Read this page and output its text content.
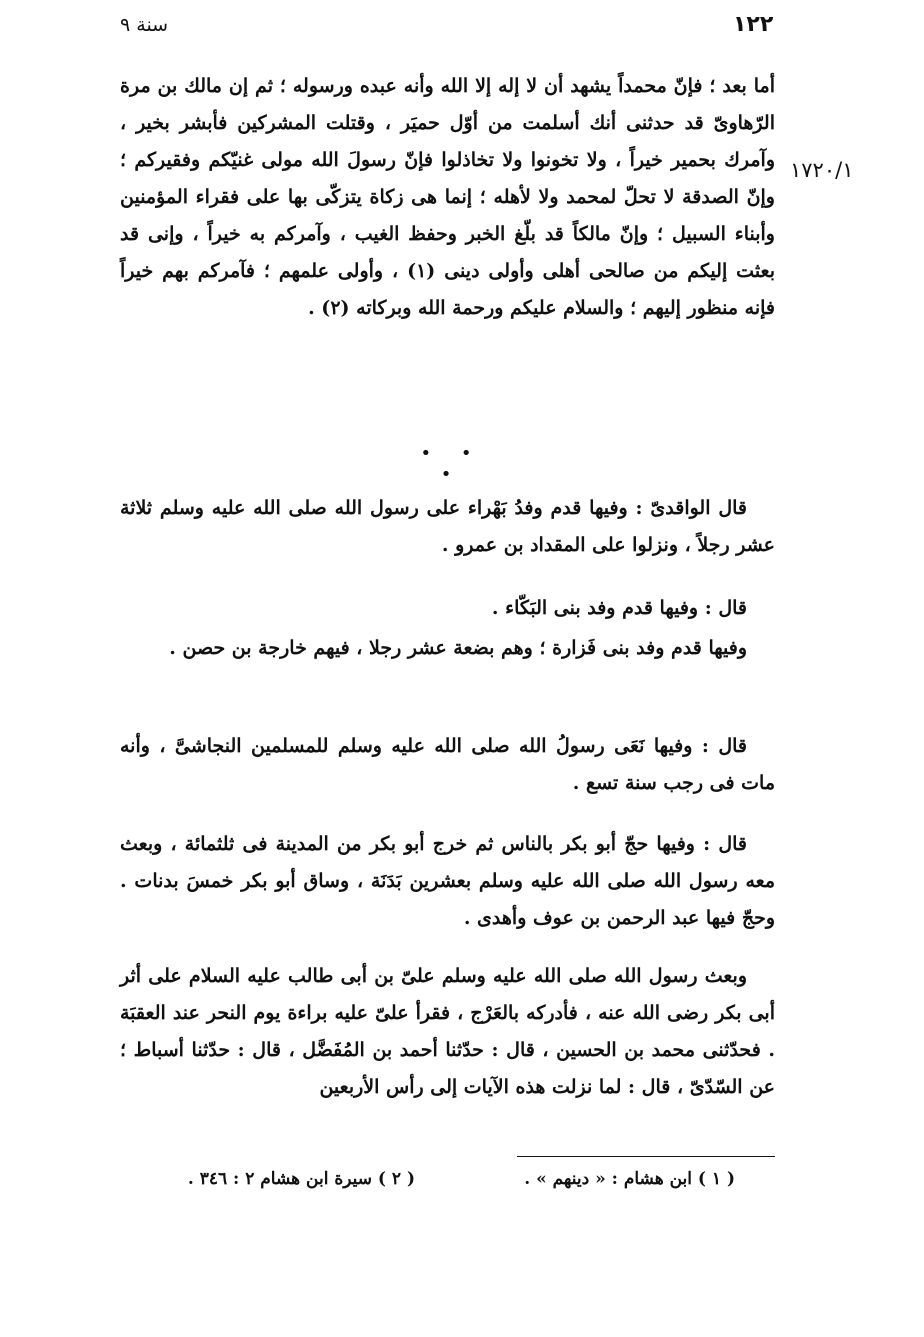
١٢٢
سنة ٩
١٧٢٠/١

أما بعد ؛ فإنّ محمداً يشهد أن لا إله إلا الله وأنه عبده ورسوله ؛ ثم إن مالك بن مرة الرّهاوىّ قد حدثنى أنك أسلمت من أوّل حميَر ، وقتلت المشركين فأبشر بخير ، وآمرك بحمير خيراً ، ولا تخونوا ولا تخاذلوا فإنّ رسولَ الله مولى غنيّكم وفقيركم ؛ وإنّ الصدقة لا تحلّ لمحمد ولا لأهله ؛ إنما هى زكاة يتزكّى بها على فقراء المؤمنين وأبناء السبيل ؛ وإنّ مالكاً قد بلّغ الخبر وحفظ الغيب ، وآمركم به خيراً ، وإنى قد بعثت إليكم من صالحى أهلى وأولى دينى (١) ، وأولى علمهم ؛ فآمركم بهم خيراً فإنه منظور إليهم ؛ والسلام عليكم ورحمة الله وبركاته (٢) .

• • •

قال الواقدىّ : وفيها قدم وفدُ بَهْراء على رسول الله صلى الله عليه وسلم ثلاثة عشر رجلاً ، ونزلوا على المقداد بن عمرو .

قال : وفيها قدم وفد بنى البَكّاء .

وفيها قدم وفد بنى فَزارة ؛ وهم بضعة عشر رجلا ، فيهم خارجة بن حصن .

قال : وفيها نَعَى رسولُ الله صلى الله عليه وسلم للمسلمين النجاشىَّ ، وأنه مات فى رجب سنة تسع .

قال : وفيها حجّ أبو بكر بالناس ثم خرج أبو بكر من المدينة فى ثلثمائة ، وبعث معه رسول الله صلى الله عليه وسلم بعشرين بَدَنَة ، وساق أبو بكر خمسَ بدنات . وحجّ فيها عبد الرحمن بن عوف وأهدى .

وبعث رسول الله صلى الله عليه وسلم علىّ بن أبى طالب عليه السلام على أثر أبى بكر رضى الله عنه ، فأدركه بالعَرْج ، فقرأ علىّ عليه براءة يوم النحر عند العقبَة . فحدّثنى محمد بن الحسين ، قال : حدّثنا أحمد بن المُفَضَّل ، قال : حدّثنا أسباط ؛ عن السّدّىّ ، قال : لما نزلت هذه الآيات إلى رأس الأربعين

( ١ ) ابن هشام : « دينهم » .
( ٢ ) سيرة ابن هشام ٢ : ٣٤٦ .
